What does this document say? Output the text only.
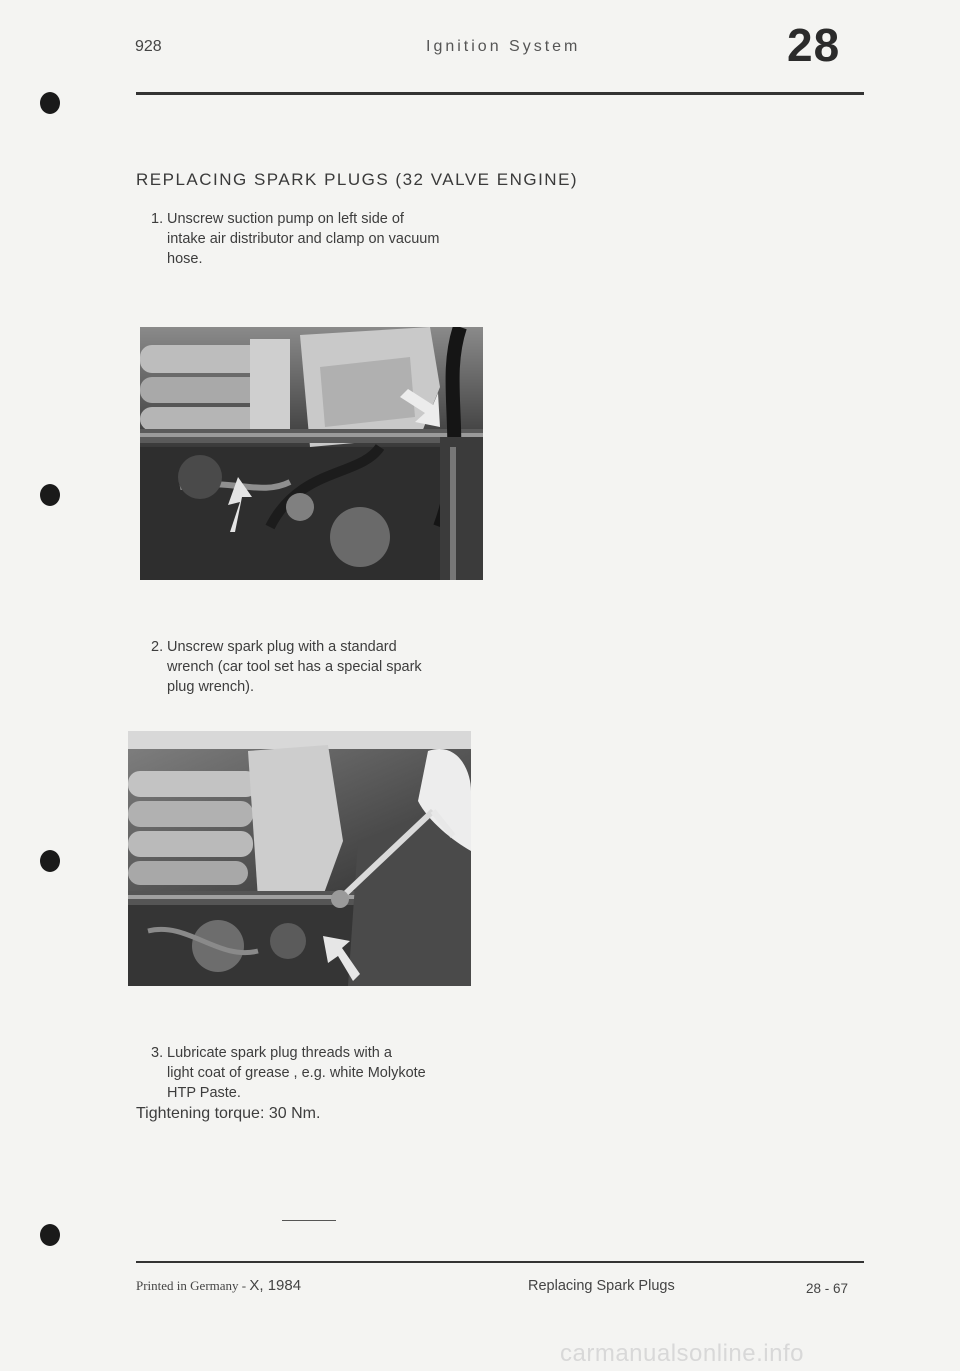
928	Ignition System	28
REPLACING SPARK PLUGS (32 VALVE ENGINE)
1. Unscrew suction pump on left side of
intake air distributor and clamp on vacuum
hose.
2. Unscrew spark plug with a standard
wrench (car tool set has a special spark
plug wrench).
3. Lubricate spark plug threads with a
light coat of grease , e.g. white Molykote
HTP Paste.
Tightening torque: 30 Nm.
Printed in Germany - X, 1984	Replacing Spark Plugs	28 - 67
carmanualsonline.info
